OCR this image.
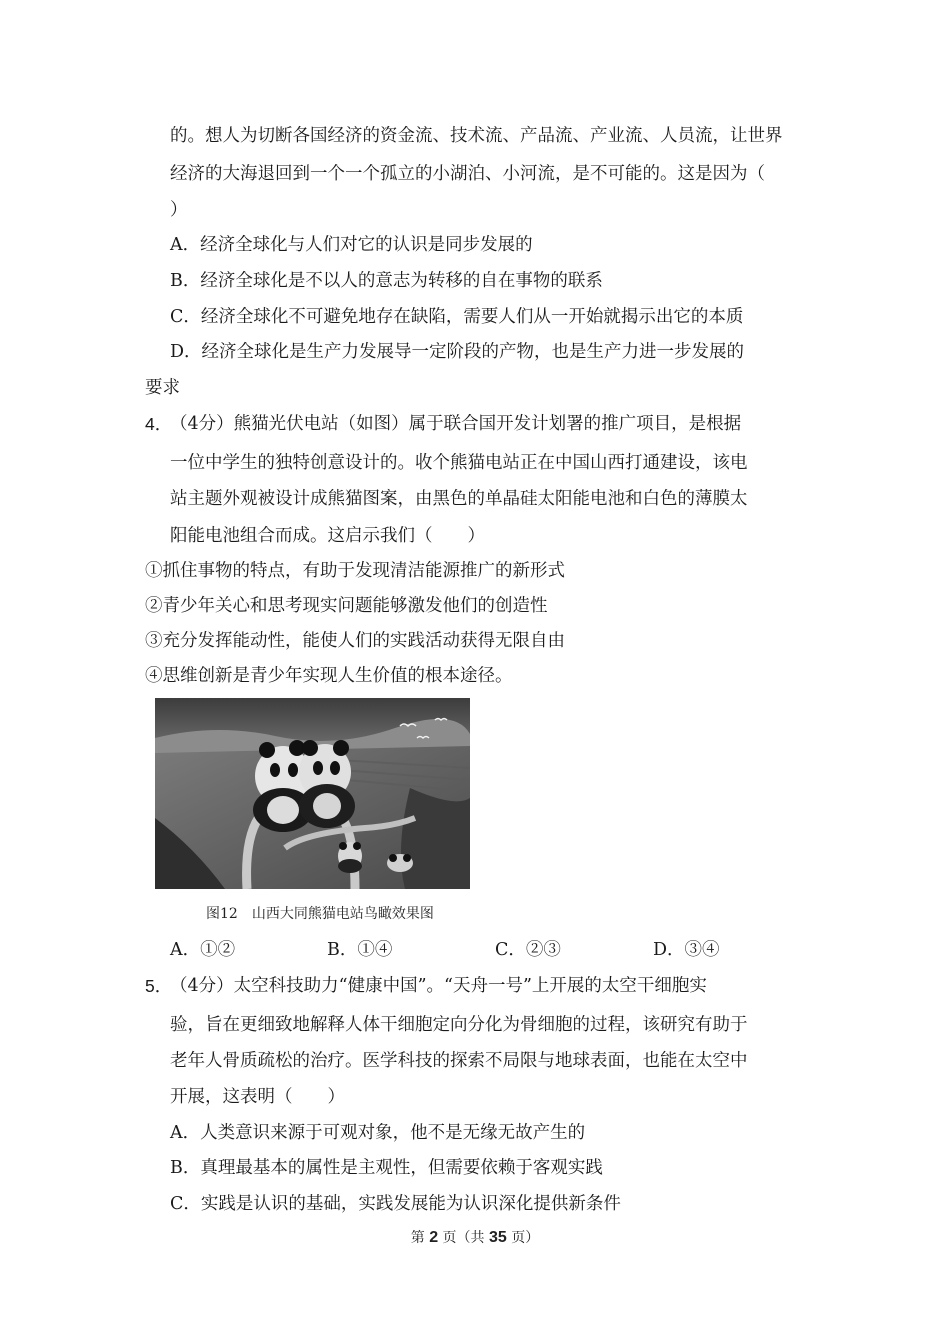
的。想人为切断各国经济的资金流、技术流、产品流、产业流、人员流，让世界
经济的大海退回到一个一个孤立的小湖泊、小河流，是不可能的。这是因为（
）
A．经济全球化与人们对它的认识是同步发展的
B．经济全球化是不以人的意志为转移的自在事物的联系
C．经济全球化不可避免地存在缺陷，需要人们从一开始就揭示出它的本质
D．经济全球化是生产力发展导一定阶段的产物，也是生产力进一步发展的
要求
4．
（4分）熊猫光伏电站（如图）属于联合国开发计划署的推广项目，是根据
一位中学生的独特创意设计的。收个熊猫电站正在中国山西打通建设，该电
站主题外观被设计成熊猫图案，由黑色的单晶硅太阳能电池和白色的薄膜太
阳能电池组合而成。这启示我们（　　）
①抓住事物的特点，有助于发现清洁能源推广的新形式
②青少年关心和思考现实问题能够激发他们的创造性
③充分发挥能动性，能使人们的实践活动获得无限自由
④思维创新是青少年实现人生价值的根本途径。
图12　山西大同熊猫电站鸟瞰效果图
A．①②	B．①④	C．②③	D．③④
5．
（4分）太空科技助力“健康中国”。“天舟一号”上开展的太空干细胞实
验，旨在更细致地解释人体干细胞定向分化为骨细胞的过程，该研究有助于
老年人骨质疏松的治疗。医学科技的探索不局限与地球表面，也能在太空中
开展，这表明（　　）
A．人类意识来源于可观对象，他不是无缘无故产生的
B．真理最基本的属性是主观性，但需要依赖于客观实践
C．实践是认识的基础，实践发展能为认识深化提供新条件
第 2 页（共 35 页）
